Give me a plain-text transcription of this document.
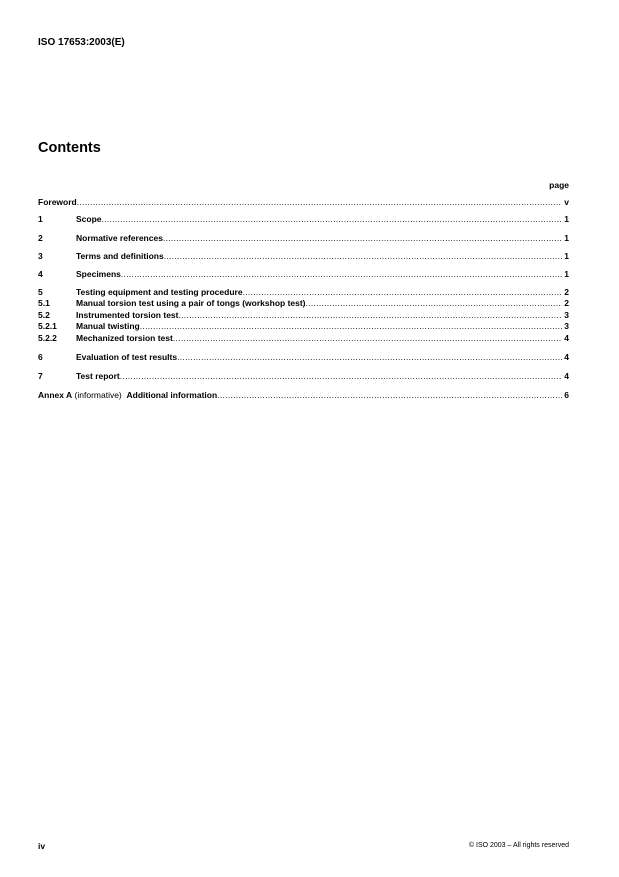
ISO 17653:2003(E)
Contents
page
Foreword .....	v
1	Scope .....	1
2	Normative references .....	1
3	Terms and definitions .....	1
4	Specimens .....	1
5	Testing equipment and testing procedure .....	2
5.1	Manual torsion test using a pair of tongs (workshop test) .....	2
5.2	Instrumented torsion test .....	3
5.2.1	Manual twisting .....	3
5.2.2	Mechanized torsion test .....	4
6	Evaluation of test results .....	4
7	Test report .....	4
Annex A (informative)  Additional information .....	6
iv	© ISO 2003 – All rights reserved
